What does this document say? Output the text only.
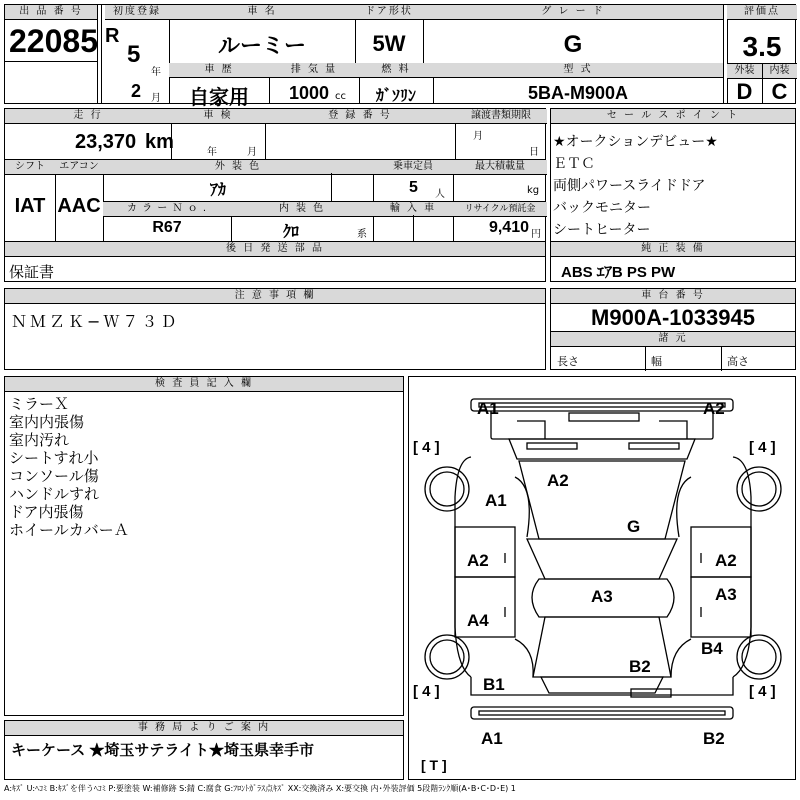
出 品 番 号
22085
初度登録
R
5
年
2 月
車 名
ルーミー
ドア形状
5W
グ レ ー ド
G
評価点
3.5
車 歴
自家用
排 気 量
1000 cc
燃 料
ｶﾞｿﾘﾝ
型 式
5BA-M900A
外装	内装
D C
走 行
23,370 km
車 検
年	月
登 録 番 号	譲渡書類期限
月
日
シフト	エアコン
IAT AAC
外 装 色
ｱｶ
乗車定員
5 人
最大積載量
kg
カ ラ ー Ｎ ｏ .
R67
内 装 色
ｸﾛ	系
輸 入 車	リサイクル預託金
9,410 円
後 日 発 送 部 品
保証書
セ ー ル ス ポ イ ン ト
★オークションデビュー★
ＥＴＣ
両側パワースライドドア
バックモニター
シートヒーター
純 正 装 備
ABS ｴｱB PS PW
注 意 事 項 欄
ＮＭＺＫ−Ｗ７３Ｄ
車 台 番 号
M900A-1033945
諸 元
長さ	幅	高さ
検 査 員 記 入 欄
ミラーＸ
室内内張傷
室内汚れ
シートすれ小
コンソール傷
ハンドルすれ
ドア内張傷
ホイールカバーＡ
事 務 局 よ り ご 案 内
キーケース ★埼玉サテライト★埼玉県幸手市
A1	A2
[ 4 ]	[ 4 ]
A2
A1
G
A2	A2
A3	A3
A4
B4
B2
B1
[ 4 ]	[ 4 ]
A1	B2
[ T ]
A:ｷｽﾞ U:ﾍｺﾐ B:ｷｽﾞを伴うﾍｺﾐ P:要塗装 W:補修跡 S:錆 C:腐食 G:ﾌﾛﾝﾄｶﾞﾗｽ点ｷｽﾞ XX:交換済み X:要交換 内･外装評価 5段階ﾗﾝｸ順(A･B･C･D･E) 1
